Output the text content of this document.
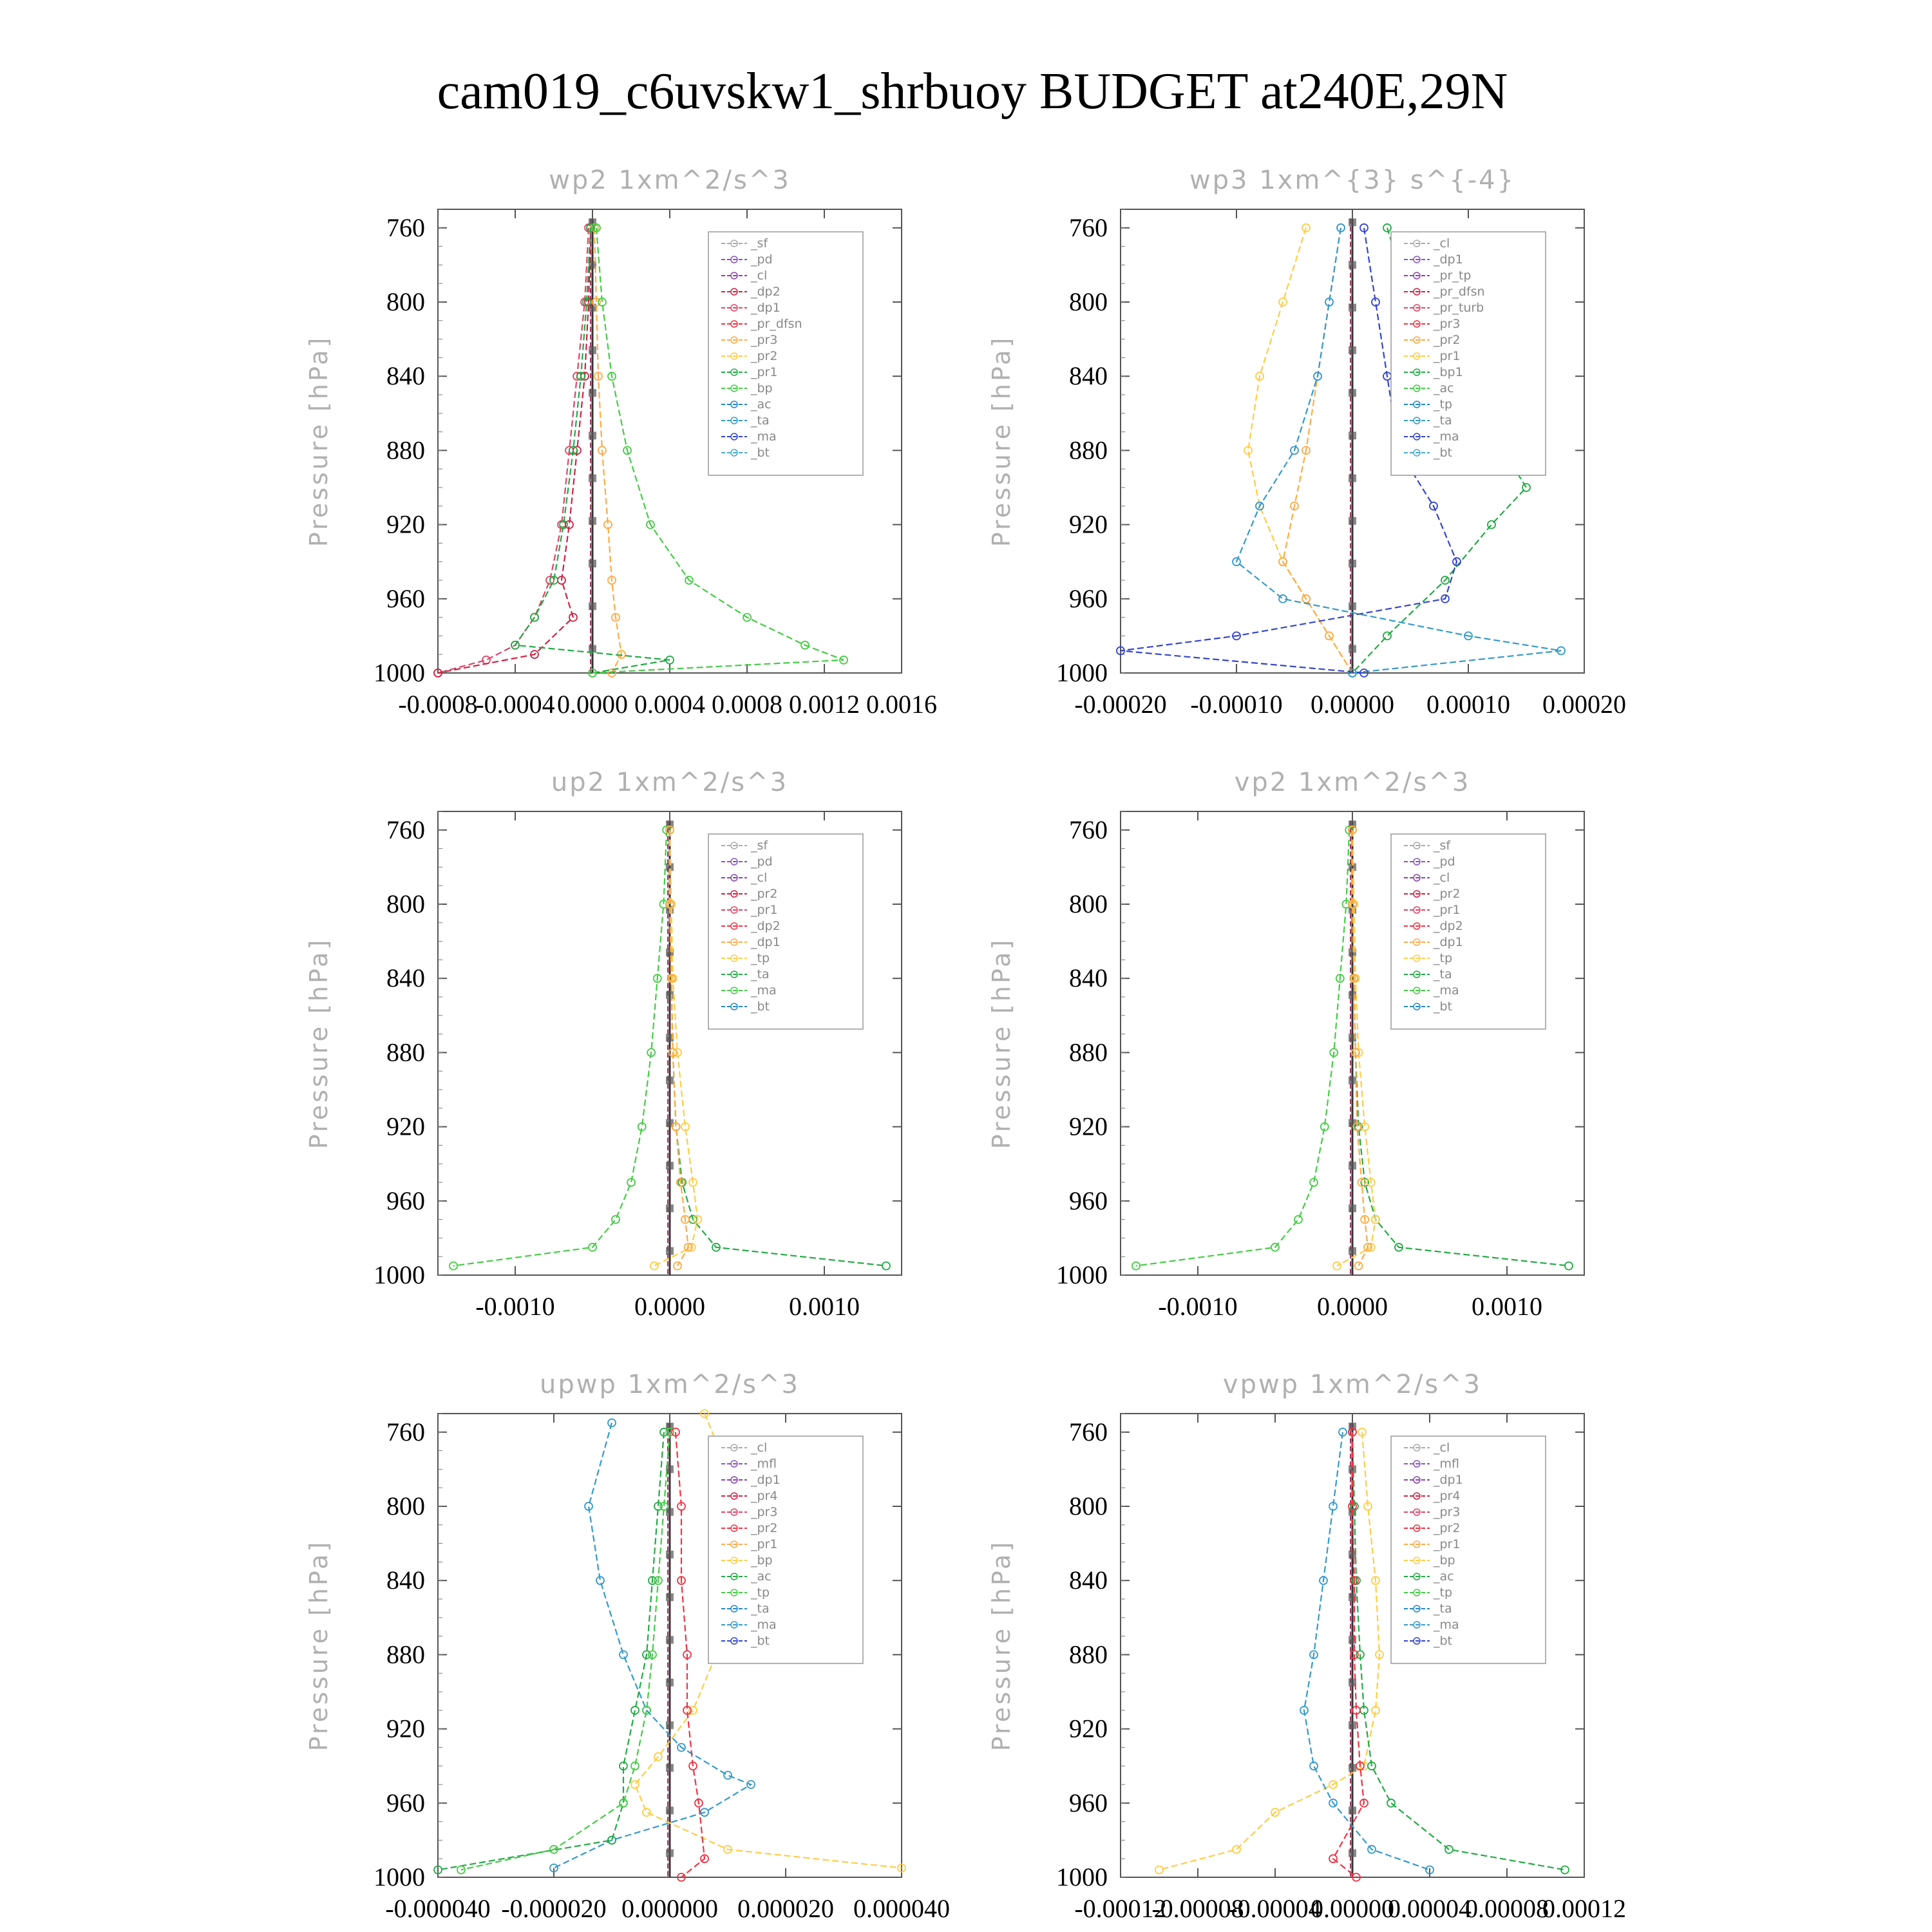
cam019_c6uvskw1_shrbuoy BUDGET at240E,29N
wp2 1xm^2/s^3
Pressure [hPa]
760
800
840
880
920
960
1000
-0.0008
-0.0004 0.0000 0.0004 0.0008 0.0012 0.0016
_sf
_pd
_cl
_dp2
_dp1
_pr_dfsn
_pr3
_pr2
_pr1
_bp
_ac
_ta
_ma
_bt
wp3 1xm^{3} s^{-4}
Pressure [hPa]
760
800
840
880
920
960
1000
-0.00020 -0.00010 0.00000 0.00010 0.00020
_cl
_dp1
_pr_tp
_pr_dfsn
_pr_turb
_pr3
_pr2
_pr1
_bp1
_ac
_tp
_ta
_ma
_bt
up2 1xm^2/s^3
Pressure [hPa]
760
800
840
880
920
960
1000
-0.0010	0.0000	0.0010
_sf
_pd
_cl
_pr2
_pr1
_dp2
_dp1
_tp
_ta
_ma
_bt
vp2 1xm^2/s^3
Pressure [hPa]
760
800
840
880
920
960
1000
-0.0010	0.0000	0.0010
_sf
_pd
_cl
_pr2
_pr1
_dp2
_dp1
_tp
_ta
_ma
_bt
upwp 1xm^2/s^3
Pressure [hPa]
760
800
840
880
920
960
1000
-0.000040 -0.000020 0.000000 0.000020 0.000040
_cl
_mfl
_dp1
_pr4
_pr3
_pr2
_pr1
_bp
_ac
_tp
_ta
_ma
_bt
vpwp 1xm^2/s^3
Pressure [hPa]
760
800
840
880
920
960
1000
-0.00012
-0.00008
-0.00004
0.00000
0.00004
0.00008
0.00012
_cl
_mfl
_dp1
_pr4
_pr3
_pr2
_pr1
_bp
_ac
_tp
_ta
_ma
_bt
